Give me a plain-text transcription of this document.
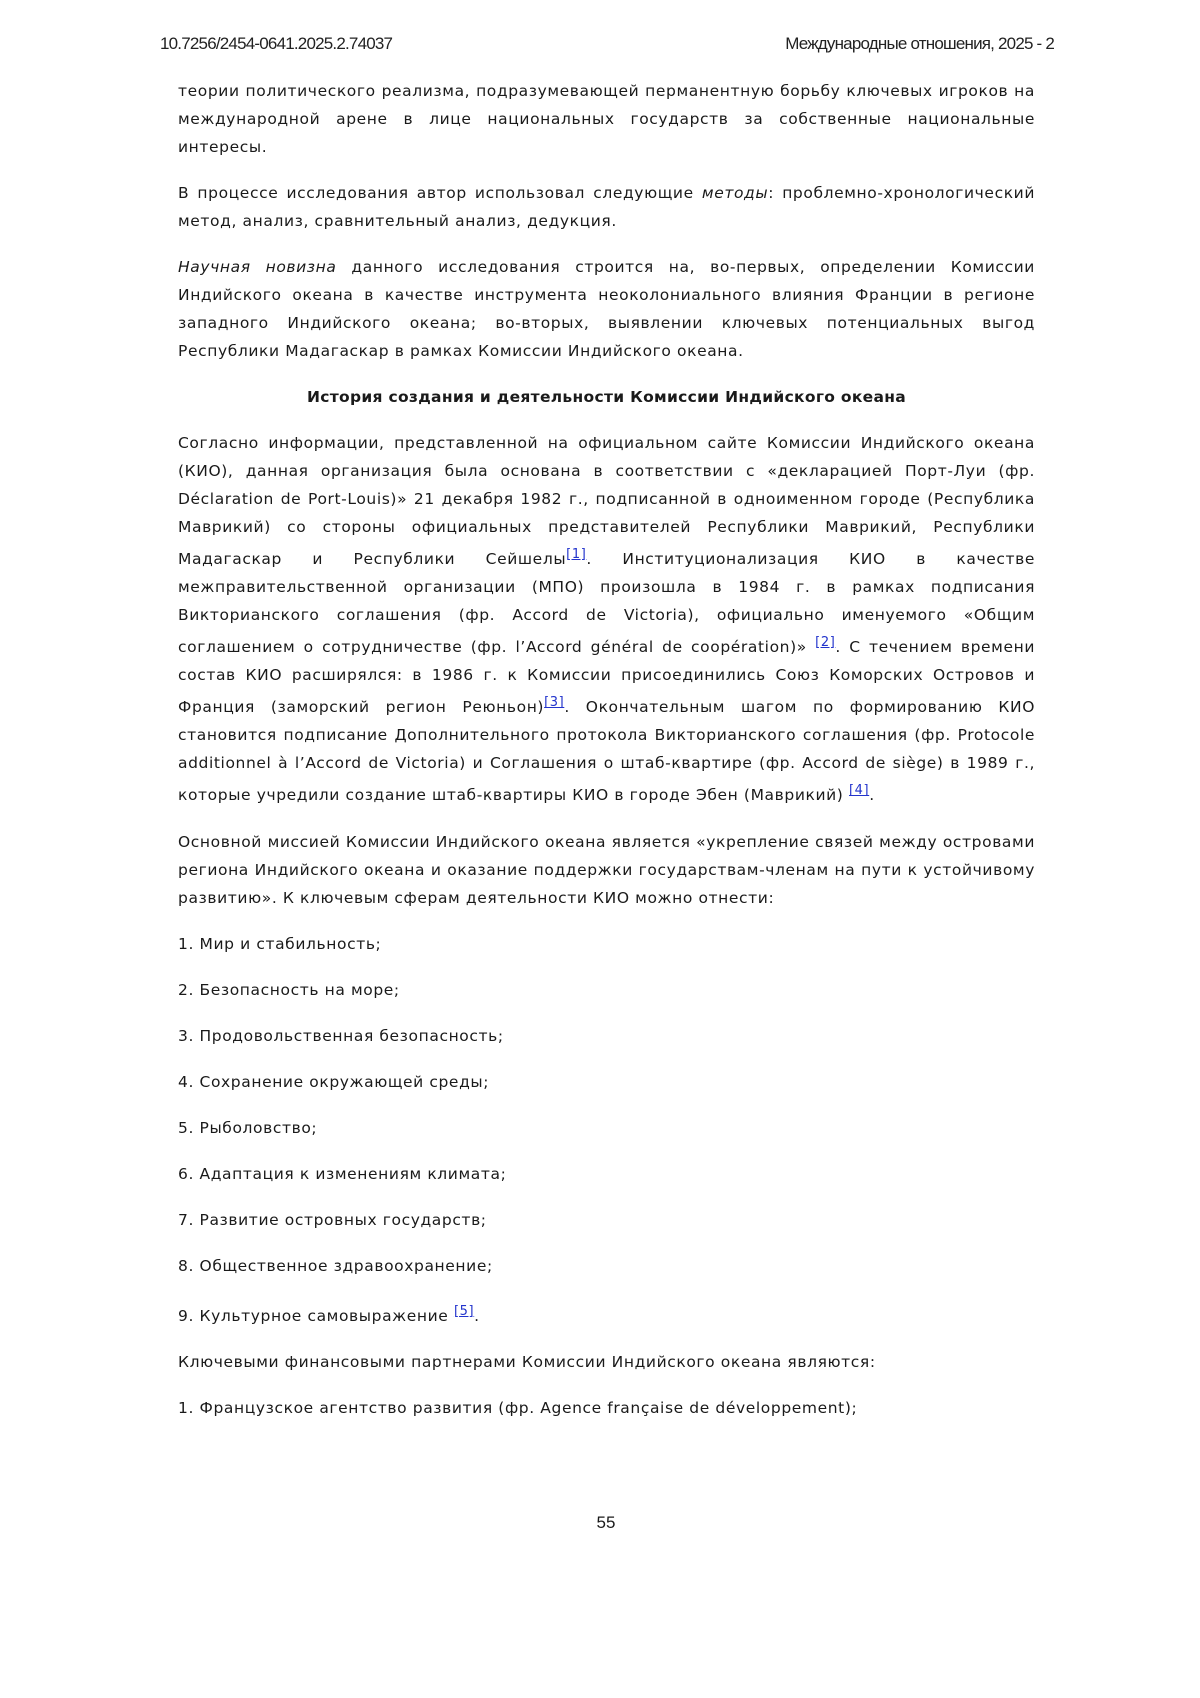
10.7256/2454-0641.2025.2.74037	Международные отношения, 2025 - 2

теории политического реализма, подразумевающей перманентную борьбу ключевых игроков на международной арене в лице национальных государств за собственные национальные интересы.

В процессе исследования автор использовал следующие методы: проблемно-хронологический метод, анализ, сравнительный анализ, дедукция.

Научная новизна данного исследования строится на, во-первых, определении Комиссии Индийского океана в качестве инструмента неоколониального влияния Франции в регионе западного Индийского океана; во-вторых, выявлении ключевых потенциальных выгод Республики Мадагаскар в рамках Комиссии Индийского океана.

История создания и деятельности Комиссии Индийского океана

Согласно информации, представленной на официальном сайте Комиссии Индийского океана (КИО), данная организация была основана в соответствии с «декларацией Порт-Луи (фр. Déclaration de Port-Louis)» 21 декабря 1982 г., подписанной в одноименном городе (Республика Маврикий) со стороны официальных представителей Республики Маврикий, Республики Мадагаскар и Республики Сейшелы[1]. Институционализация КИО в качестве межправительственной организации (МПО) произошла в 1984 г. в рамках подписания Викторианского соглашения (фр. Accord de Victoria), официально именуемого «Общим соглашением о сотрудничестве (фр. l’Accord général de coopération)» [2]. С течением времени состав КИО расширялся: в 1986 г. к Комиссии присоединились Союз Коморских Островов и Франция (заморский регион Реюньон)[3]. Окончательным шагом по формированию КИО становится подписание Дополнительного протокола Викторианского соглашения (фр. Protocole additionnel à l’Accord de Victoria) и Соглашения о штаб-квартире (фр. Accord de siège) в 1989 г., которые учредили создание штаб-квартиры КИО в городе Эбен (Маврикий) [4].

Основной миссией Комиссии Индийского океана является «укрепление связей между островами региона Индийского океана и оказание поддержки государствам-членам на пути к устойчивому развитию». К ключевым сферам деятельности КИО можно отнести:

1. Мир и стабильность;

2. Безопасность на море;

3. Продовольственная безопасность;

4. Сохранение окружающей среды;

5. Рыболовство;

6. Адаптация к изменениям климата;

7. Развитие островных государств;

8. Общественное здравоохранение;

9. Культурное самовыражение [5].

Ключевыми финансовыми партнерами Комиссии Индийского океана являются:

1. Французское агентство развития (фр. Agence française de développement);

55
